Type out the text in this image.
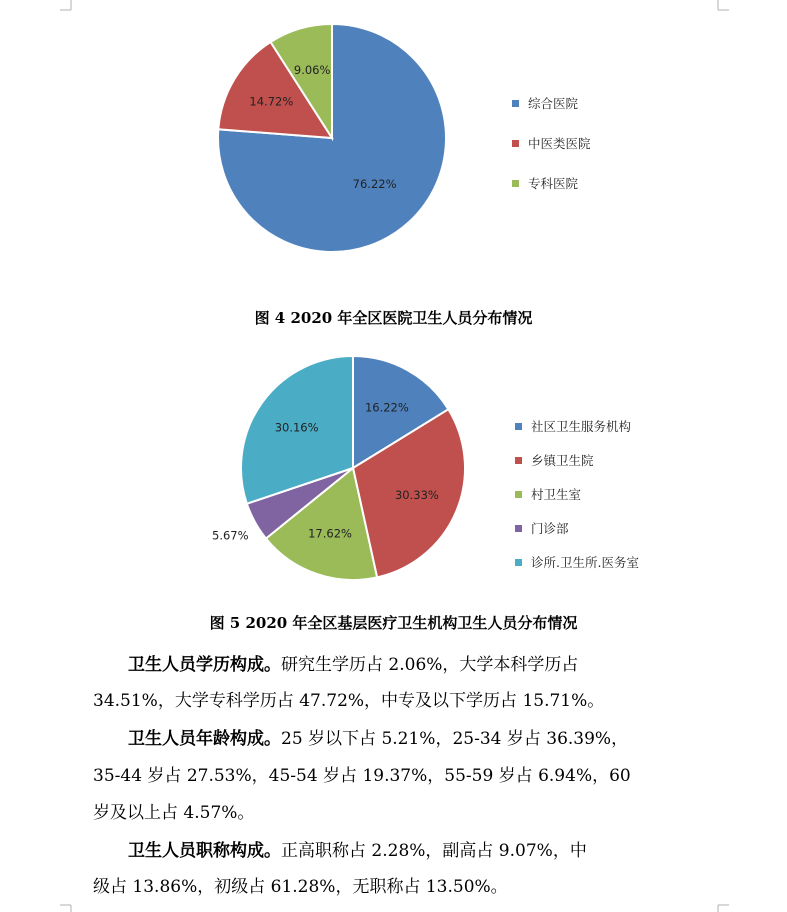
76.22%
14.72%
9.06%
综合医院
中医类医院
专科医院
图 4 2020 年全区医院卫生人员分布情况
16.22%
30.33%
17.62%
5.67%
30.16%	社区卫生服务机构
乡镇卫生院
村卫生室
门诊部
诊所.卫生所.医务室
图 5 2020 年全区基层医疗卫生机构卫生人员分布情况
卫生人员学历构成。研究生学历占 2.06%，大学本科学历占
34.51%，大学专科学历占 47.72%，中专及以下学历占 15.71%。
卫生人员年龄构成。25 岁以下占 5.21%，25-34 岁占 36.39%，
35-44 岁占 27.53%，45-54 岁占 19.37%，55-59 岁占 6.94%，60
岁及以上占 4.57%。
卫生人员职称构成。正高职称占 2.28%，副高占 9.07%，中
级占 13.86%，初级占 61.28%，无职称占 13.50%。
